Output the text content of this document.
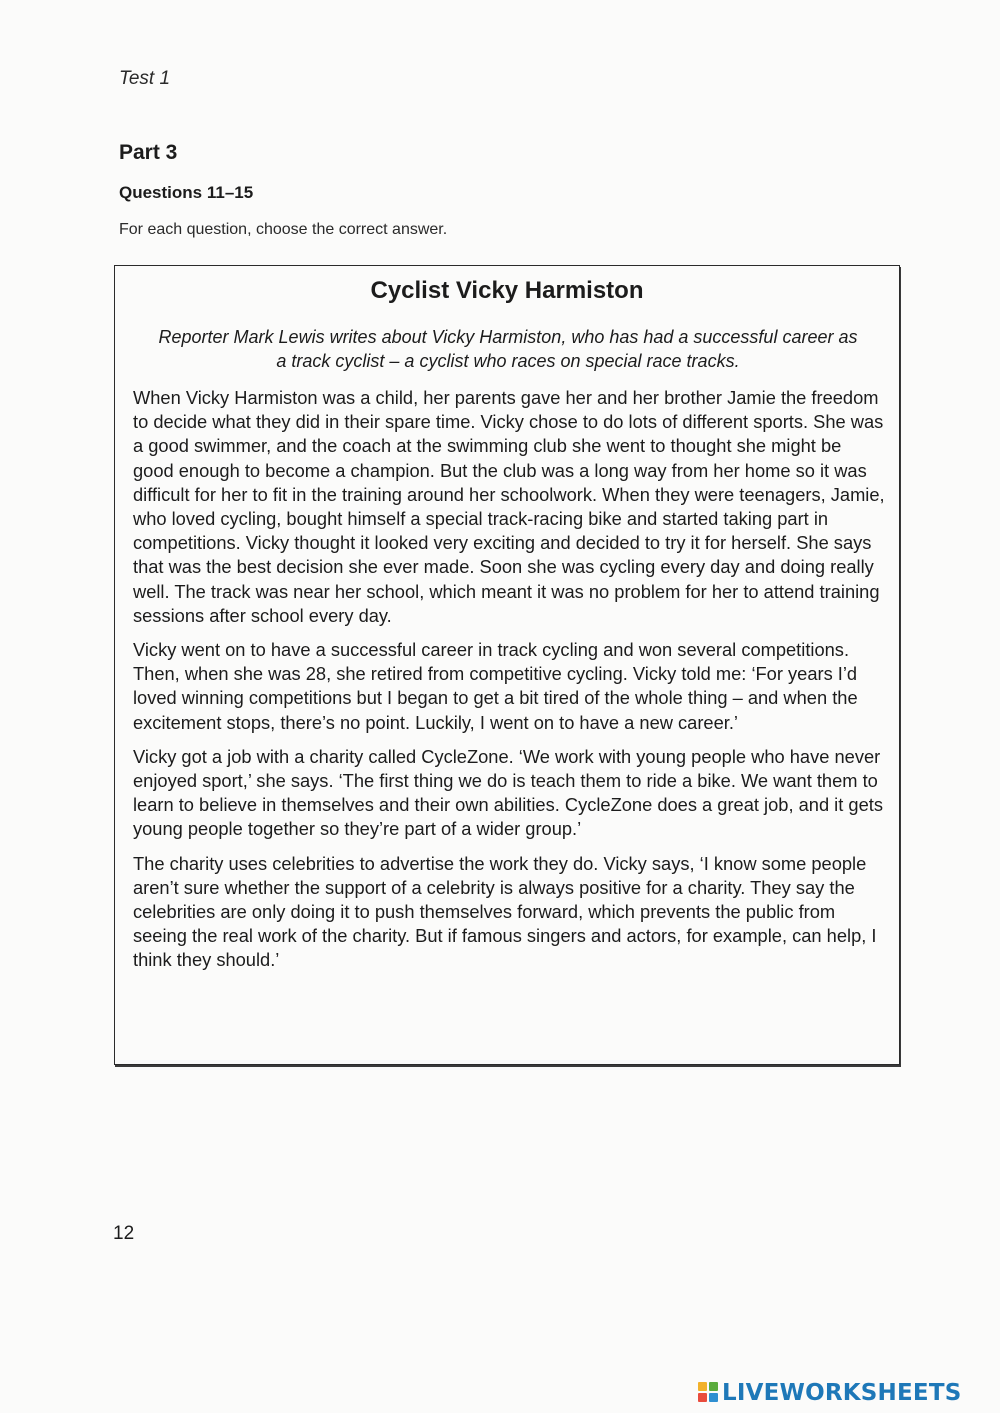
Test 1
Part 3
Questions 11–15
For each question, choose the correct answer.
Cyclist Vicky Harmiston
Reporter Mark Lewis writes about Vicky Harmiston, who has had a successful career as a track cyclist – a cyclist who races on special race tracks.

When Vicky Harmiston was a child, her parents gave her and her brother Jamie the freedom to decide what they did in their spare time. Vicky chose to do lots of different sports. She was a good swimmer, and the coach at the swimming club she went to thought she might be good enough to become a champion. But the club was a long way from her home so it was difficult for her to fit in the training around her schoolwork. When they were teenagers, Jamie, who loved cycling, bought himself a special track-racing bike and started taking part in competitions. Vicky thought it looked very exciting and decided to try it for herself. She says that was the best decision she ever made. Soon she was cycling every day and doing really well. The track was near her school, which meant it was no problem for her to attend training sessions after school every day.

Vicky went on to have a successful career in track cycling and won several competitions. Then, when she was 28, she retired from competitive cycling. Vicky told me: ‘For years I’d loved winning competitions but I began to get a bit tired of the whole thing – and when the excitement stops, there’s no point. Luckily, I went on to have a new career.’

Vicky got a job with a charity called CycleZone. ‘We work with young people who have never enjoyed sport,’ she says. ‘The first thing we do is teach them to ride a bike. We want them to learn to believe in themselves and their own abilities. CycleZone does a great job, and it gets young people together so they’re part of a wider group.’

The charity uses celebrities to advertise the work they do. Vicky says, ‘I know some people aren’t sure whether the support of a celebrity is always positive for a charity. They say the celebrities are only doing it to push themselves forward, which prevents the public from seeing the real work of the charity. But if famous singers and actors, for example, can help, I think they should.’

12
LIVEWORKSHEETS
